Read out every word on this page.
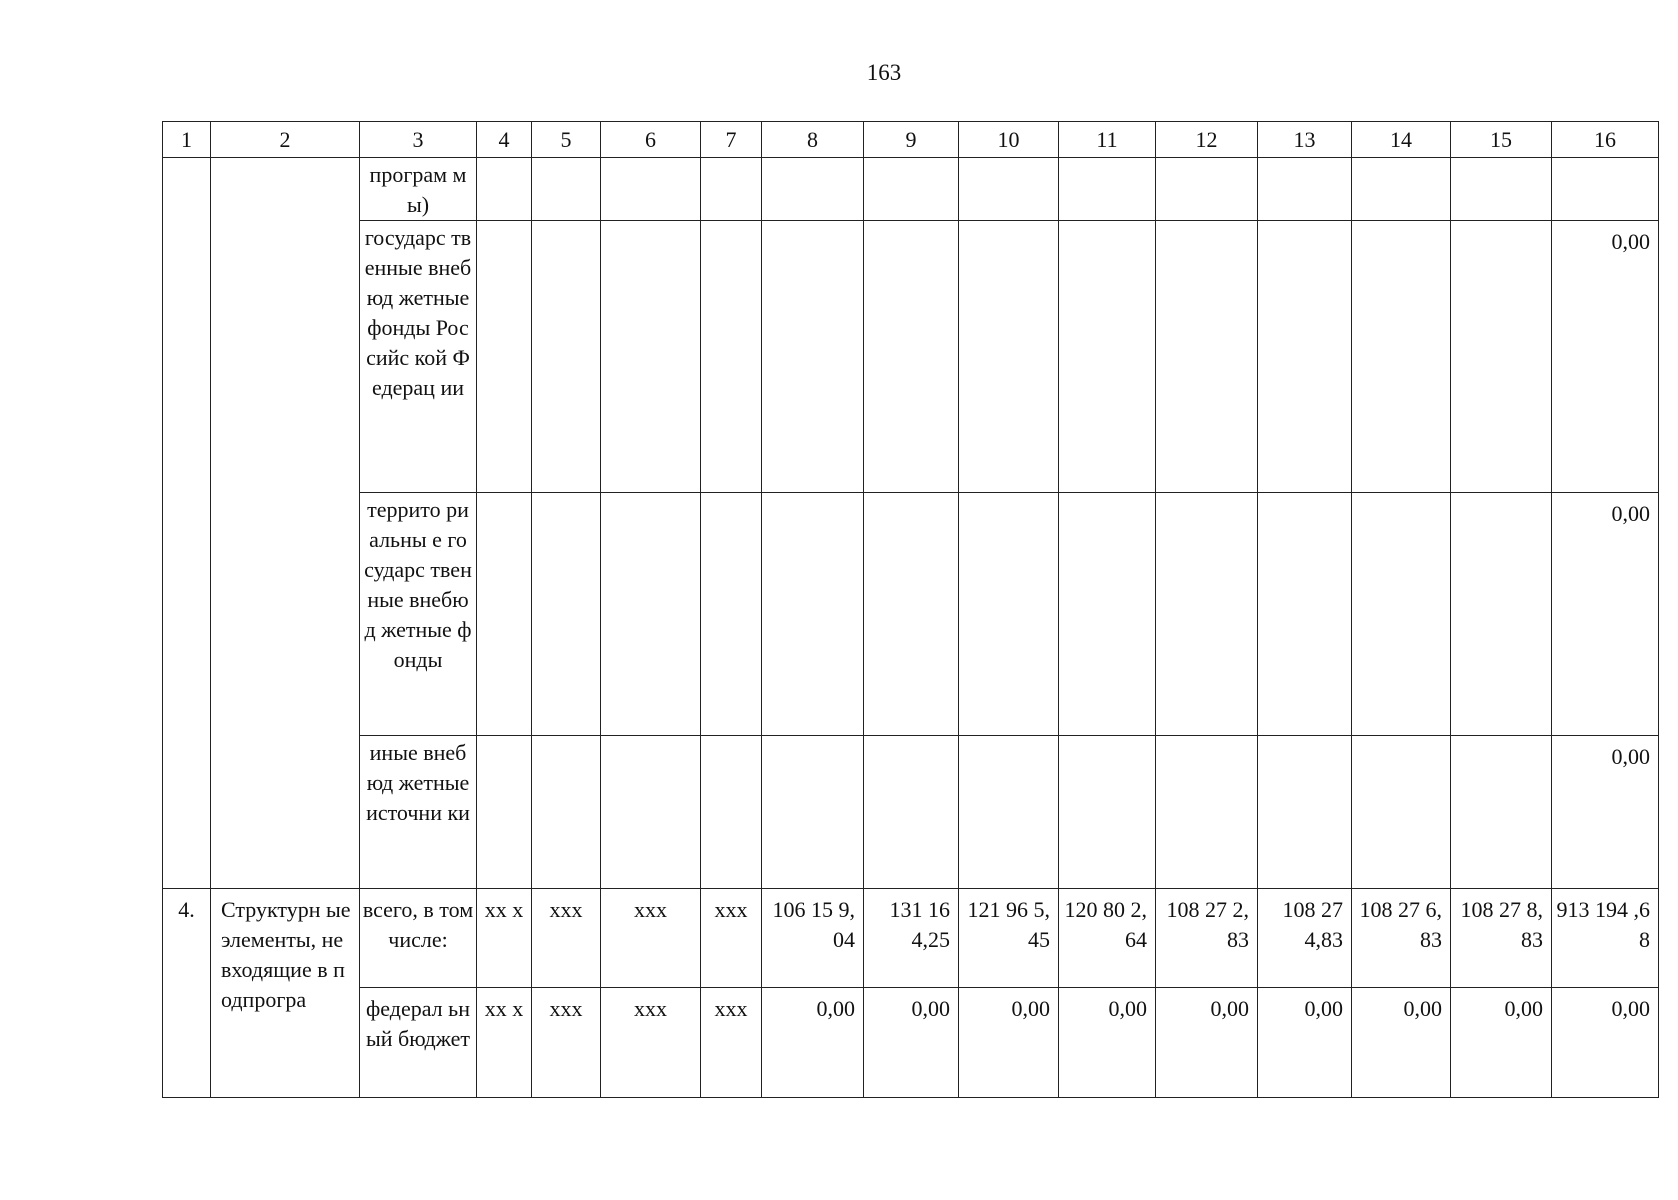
163
1	2	3	4	5	6	7	8	9	10	11	12	13	14	15	16

		програм мы)													

		государс твенные внебюд жетные фонды Российс кой Федерац ии													0,00

		террито риальны е государс твенные внебюд жетные фонды													0,00

		иные внебюд жетные источни ки													0,00
4.	Структурн ые элементы, не входящие в подпрогра	всего, в том числе:	xx x	xxx	xxx	xxx	106 15 9,04	131 16 4,25	121 96 5,45	120 80 2,64	108 27 2,83	108 27 4,83	108 27 6,83	108 27 8,83	913 194 ,68

		федерал ьный бюджет	xx x	xxx	xxx	xxx	0,00	0,00	0,00	0,00	0,00	0,00	0,00	0,00	0,00
